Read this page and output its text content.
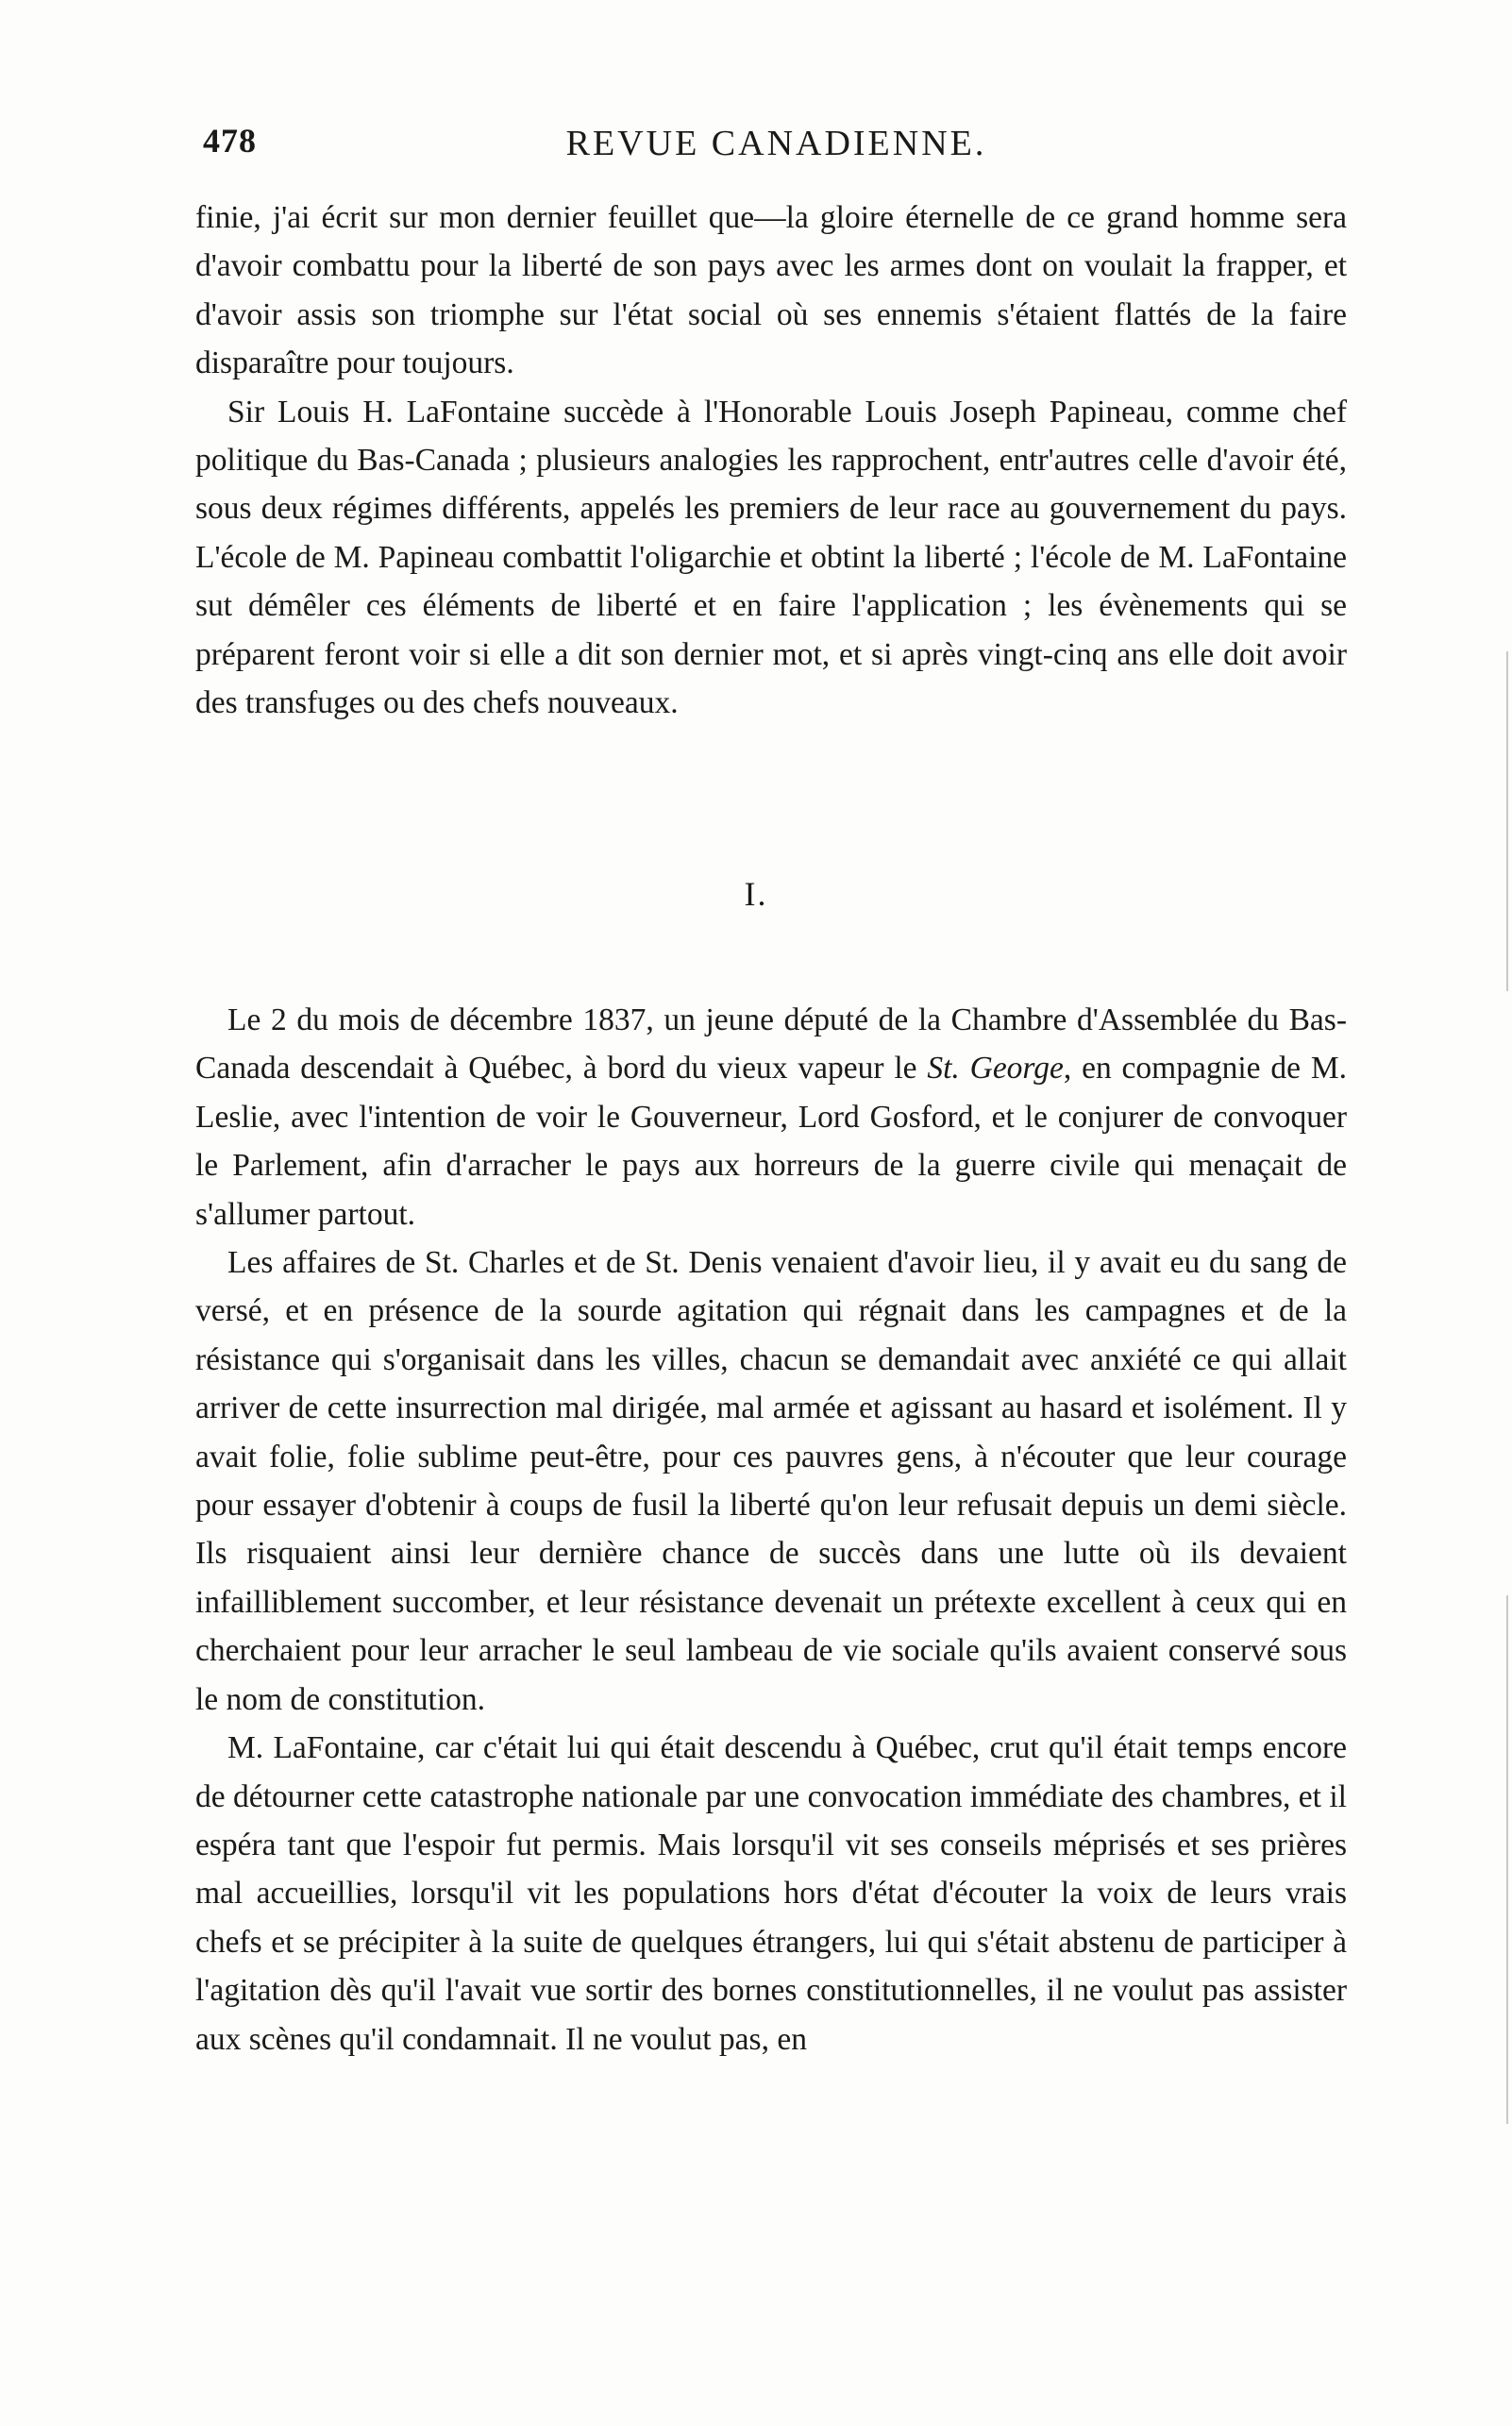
478	REVUE CANADIENNE.

finie, j'ai écrit sur mon dernier feuillet que—la gloire éternelle de ce grand homme sera d'avoir combattu pour la liberté de son pays avec les armes dont on voulait la frapper, et d'avoir assis son triomphe sur l'état social où ses ennemis s'étaient flattés de la faire disparaître pour toujours.

Sir Louis H. LaFontaine succède à l'Honorable Louis Joseph Papineau, comme chef politique du Bas-Canada ; plusieurs analogies les rapprochent, entr'autres celle d'avoir été, sous deux régimes différents, appelés les premiers de leur race au gouvernement du pays. L'école de M. Papineau combattit l'oligarchie et obtint la liberté ; l'école de M. LaFontaine sut démêler ces éléments de liberté et en faire l'application ; les évènements qui se préparent feront voir si elle a dit son dernier mot, et si après vingt-cinq ans elle doit avoir des transfuges ou des chefs nouveaux.

I.

Le 2 du mois de décembre 1837, un jeune député de la Chambre d'Assemblée du Bas-Canada descendait à Québec, à bord du vieux vapeur le St. George, en compagnie de M. Leslie, avec l'intention de voir le Gouverneur, Lord Gosford, et le conjurer de convoquer le Parlement, afin d'arracher le pays aux horreurs de la guerre civile qui menaçait de s'allumer partout.

Les affaires de St. Charles et de St. Denis venaient d'avoir lieu, il y avait eu du sang de versé, et en présence de la sourde agitation qui régnait dans les campagnes et de la résistance qui s'organisait dans les villes, chacun se demandait avec anxiété ce qui allait arriver de cette insurrection mal dirigée, mal armée et agissant au hasard et isolément. Il y avait folie, folie sublime peut-être, pour ces pauvres gens, à n'écouter que leur courage pour essayer d'obtenir à coups de fusil la liberté qu'on leur refusait depuis un demi siècle. Ils risquaient ainsi leur dernière chance de succès dans une lutte où ils devaient infailliblement succomber, et leur résistance devenait un prétexte excellent à ceux qui en cherchaient pour leur arracher le seul lambeau de vie sociale qu'ils avaient conservé sous le nom de constitution.

M. LaFontaine, car c'était lui qui était descendu à Québec, crut qu'il était temps encore de détourner cette catastrophe nationale par une convocation immédiate des chambres, et il espéra tant que l'espoir fut permis. Mais lorsqu'il vit ses conseils méprisés et ses prières mal accueillies, lorsqu'il vit les populations hors d'état d'écouter la voix de leurs vrais chefs et se précipiter à la suite de quelques étrangers, lui qui s'était abstenu de participer à l'agitation dès qu'il l'avait vue sortir des bornes constitutionnelles, il ne voulut pas assister aux scènes qu'il condamnait. Il ne voulut pas, en
